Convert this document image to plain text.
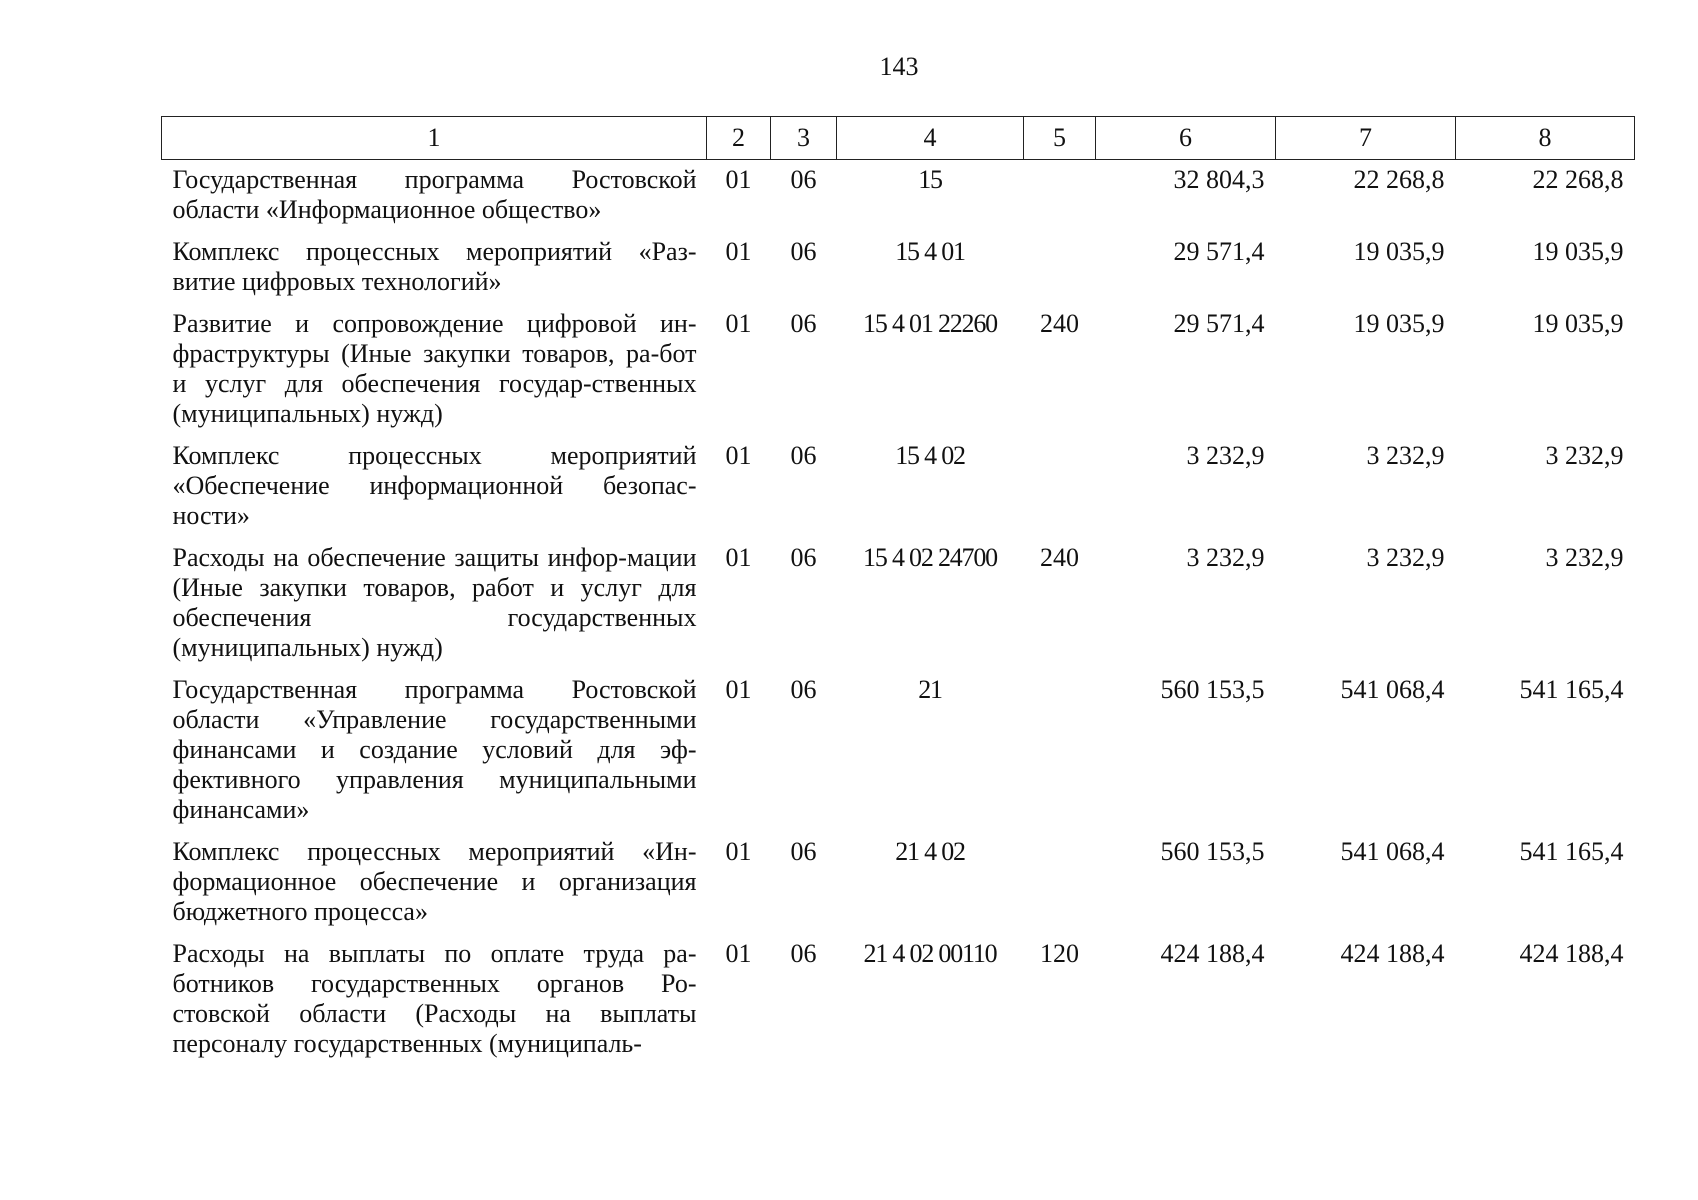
143
1	2	3	4	5	6	7	8
Государственная программа Ростовской области «Информационное общество»	01	06	15		32 804,3	22 268,8	22 268,8
Комплекс процессных мероприятий «Раз-витие цифровых технологий»	01	06	15 4 01		29 571,4	19 035,9	19 035,9
Развитие и сопровождение цифровой ин-фраструктуры (Иные закупки товаров, ра-бот и услуг для обеспечения государ-ственных (муниципальных) нужд)	01	06	15 4 01 22260	240	29 571,4	19 035,9	19 035,9
Комплекс процессных мероприятий «Обеспечение информационной безопас-ности»	01	06	15 4 02		3 232,9	3 232,9	3 232,9
Расходы на обеспечение защиты инфор-мации (Иные закупки товаров, работ и услуг для обеспечения государственных (муниципальных) нужд)	01	06	15 4 02 24700	240	3 232,9	3 232,9	3 232,9
Государственная программа Ростовской области «Управление государственными финансами и создание условий для эф-фективного управления муниципальными финансами»	01	06	21		560 153,5	541 068,4	541 165,4
Комплекс процессных мероприятий «Ин-формационное обеспечение и организация бюджетного процесса»	01	06	21 4 02		560 153,5	541 068,4	541 165,4
Расходы на выплаты по оплате труда ра-ботников государственных органов Ро-стовской области (Расходы на выплаты персоналу государственных (муниципаль-	01	06	21 4 02 00110	120	424 188,4	424 188,4	424 188,4
